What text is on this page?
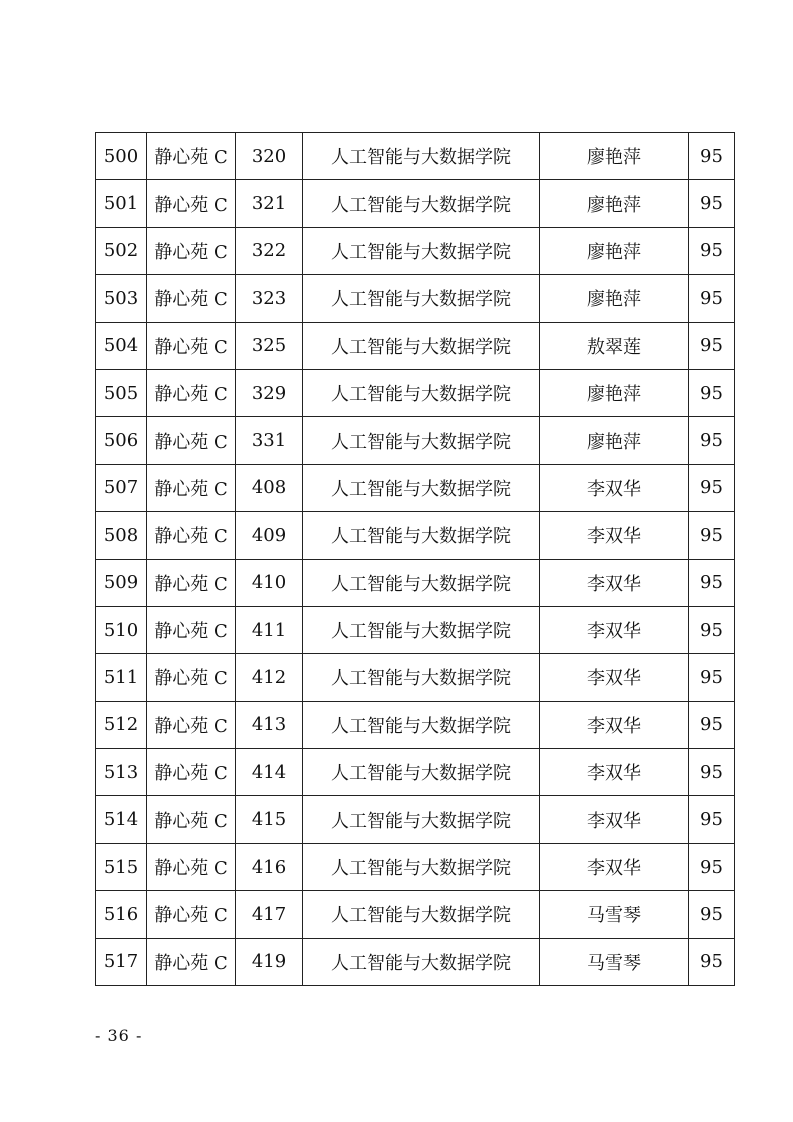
500	静心苑 C	320	人工智能与大数据学院	廖艳萍	95
501	静心苑 C	321	人工智能与大数据学院	廖艳萍	95
502	静心苑 C	322	人工智能与大数据学院	廖艳萍	95
503	静心苑 C	323	人工智能与大数据学院	廖艳萍	95
504	静心苑 C	325	人工智能与大数据学院	敖翠莲	95
505	静心苑 C	329	人工智能与大数据学院	廖艳萍	95
506	静心苑 C	331	人工智能与大数据学院	廖艳萍	95
507	静心苑 C	408	人工智能与大数据学院	李双华	95
508	静心苑 C	409	人工智能与大数据学院	李双华	95
509	静心苑 C	410	人工智能与大数据学院	李双华	95
510	静心苑 C	411	人工智能与大数据学院	李双华	95
511	静心苑 C	412	人工智能与大数据学院	李双华	95
512	静心苑 C	413	人工智能与大数据学院	李双华	95
513	静心苑 C	414	人工智能与大数据学院	李双华	95
514	静心苑 C	415	人工智能与大数据学院	李双华	95
515	静心苑 C	416	人工智能与大数据学院	李双华	95
516	静心苑 C	417	人工智能与大数据学院	马雪琴	95
517	静心苑 C	419	人工智能与大数据学院	马雪琴	95
- 36 -
